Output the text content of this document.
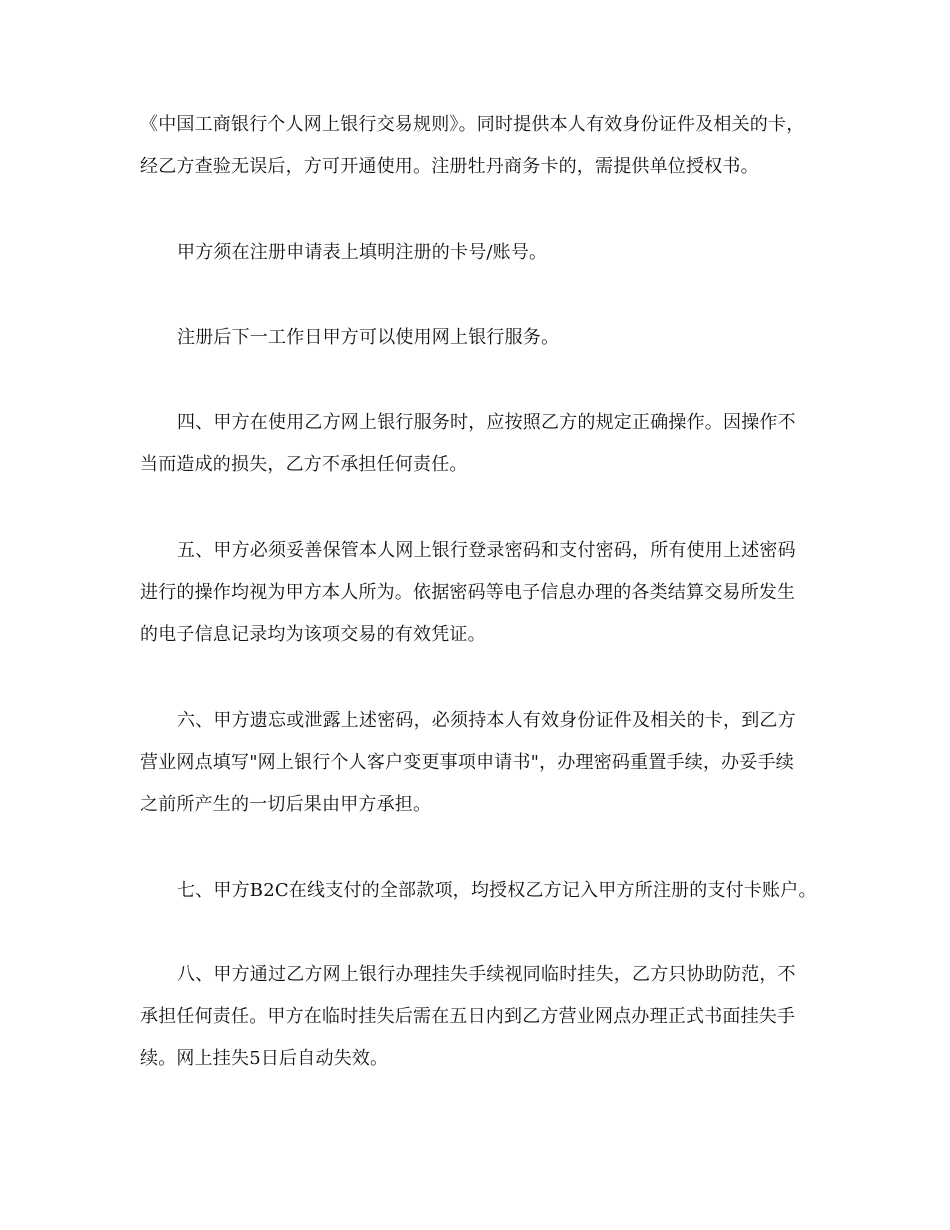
《中国工商银行个人网上银行交易规则》。同时提供本人有效身份证件及相关的卡，
经乙方查验无误后，方可开通使用。注册牡丹商务卡的，需提供单位授权书。
甲方须在注册申请表上填明注册的卡号/账号。
注册后下一工作日甲方可以使用网上银行服务。
四、甲方在使用乙方网上银行服务时，应按照乙方的规定正确操作。因操作不
当而造成的损失，乙方不承担任何责任。
五、甲方必须妥善保管本人网上银行登录密码和支付密码，所有使用上述密码
进行的操作均视为甲方本人所为。依据密码等电子信息办理的各类结算交易所发生
的电子信息记录均为该项交易的有效凭证。
六、甲方遗忘或泄露上述密码，必须持本人有效身份证件及相关的卡，到乙方
营业网点填写"网上银行个人客户变更事项申请书"，办理密码重置手续，办妥手续
之前所产生的一切后果由甲方承担。
七、甲方B2C在线支付的全部款项，均授权乙方记入甲方所注册的支付卡账户。
八、甲方通过乙方网上银行办理挂失手续视同临时挂失，乙方只协助防范，不
承担任何责任。甲方在临时挂失后需在五日内到乙方营业网点办理正式书面挂失手
续。网上挂失5日后自动失效。
